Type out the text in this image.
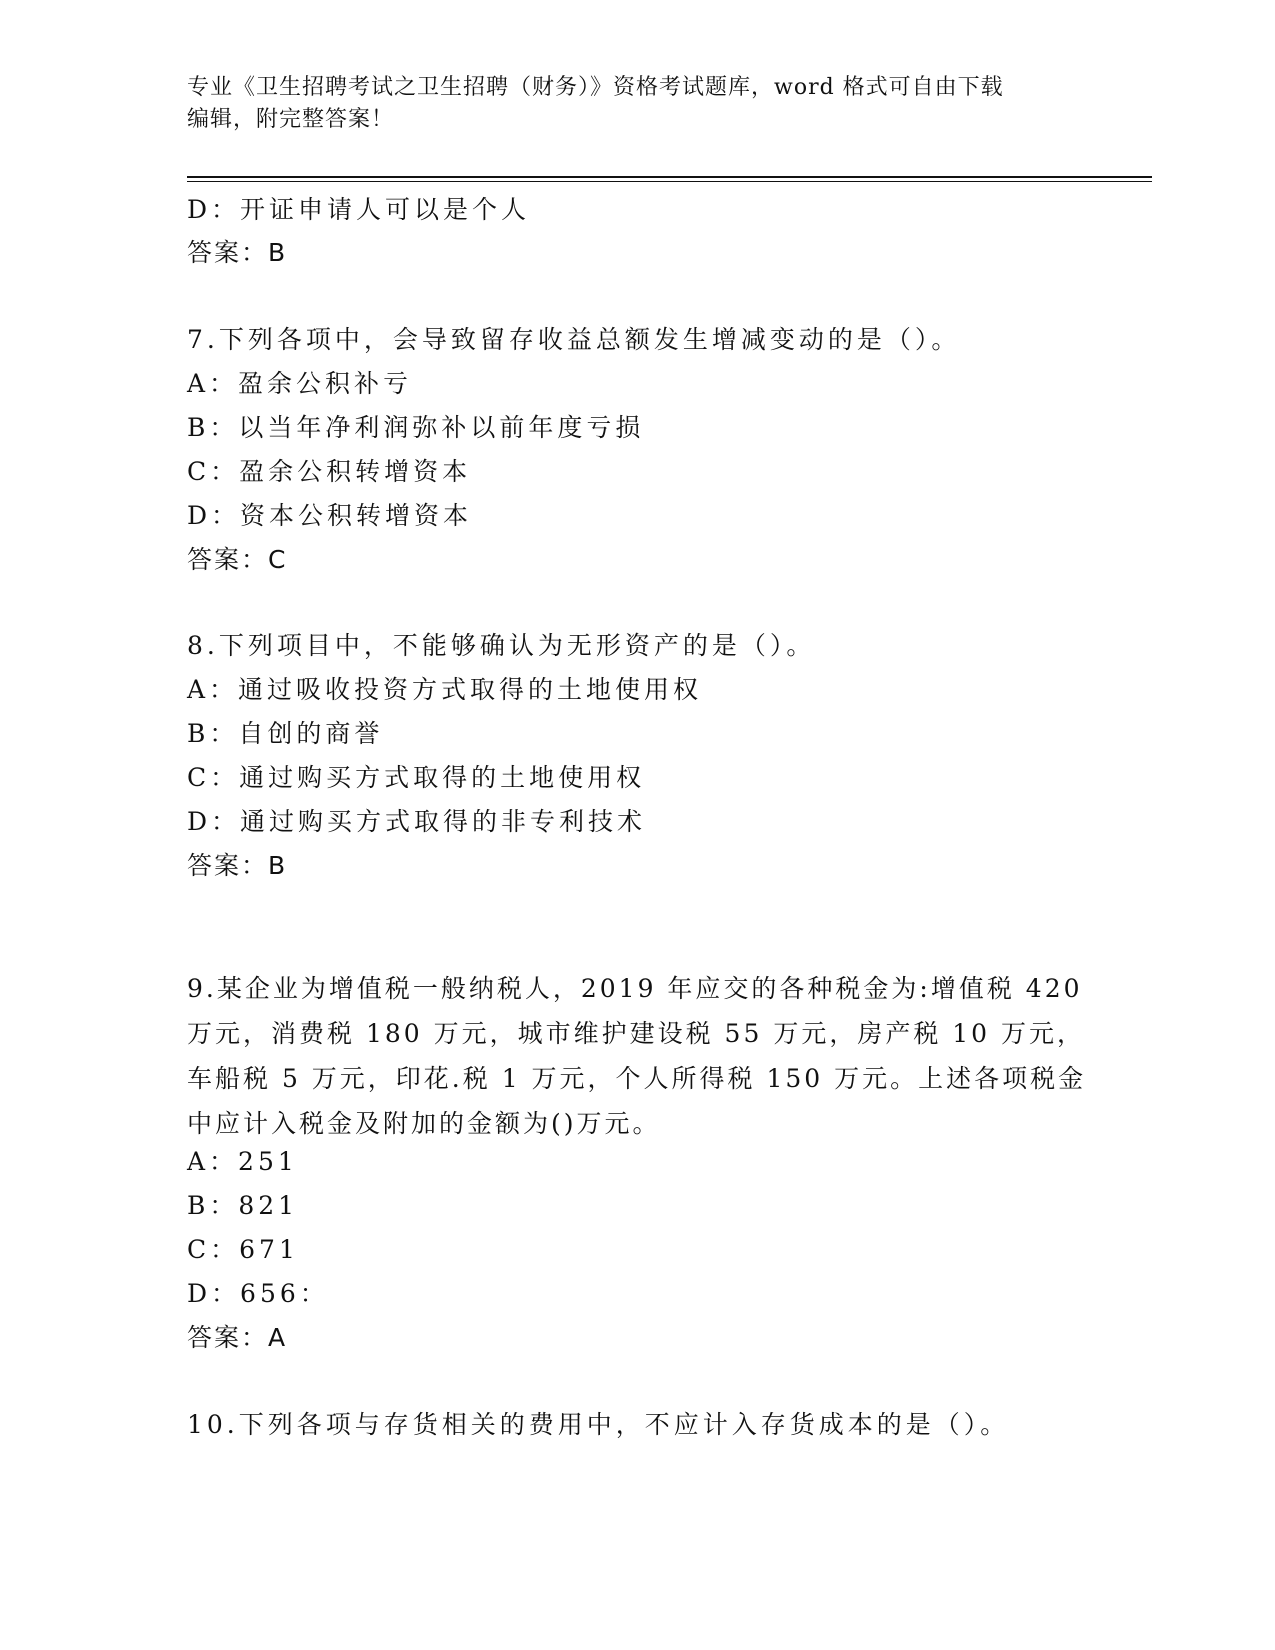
专业《卫生招聘考试之卫生招聘（财务）》资格考试题库，word 格式可自由下载
编辑，附完整答案！
D：开证申请人可以是个人
答案：B
7.下列各项中，会导致留存收益总额发生增减变动的是（）。
A：盈余公积补亏
B：以当年净利润弥补以前年度亏损
C：盈余公积转增资本
D：资本公积转增资本
答案：C
8.下列项目中，不能够确认为无形资产的是（）。
A：通过吸收投资方式取得的土地使用权
B：自创的商誉
C：通过购买方式取得的土地使用权
D：通过购买方式取得的非专利技术
答案：B
9.某企业为增值税一般纳税人，2019 年应交的各种税金为:增值税 420
万元，消费税 180 万元，城市维护建设税 55 万元，房产税 10 万元，
车船税 5 万元，印花.税 1 万元，个人所得税 150 万元。上述各项税金
中应计入税金及附加的金额为()万元。
A：251
B：821
C：671
D：656：
答案：A
10.下列各项与存货相关的费用中，不应计入存货成本的是（）。
